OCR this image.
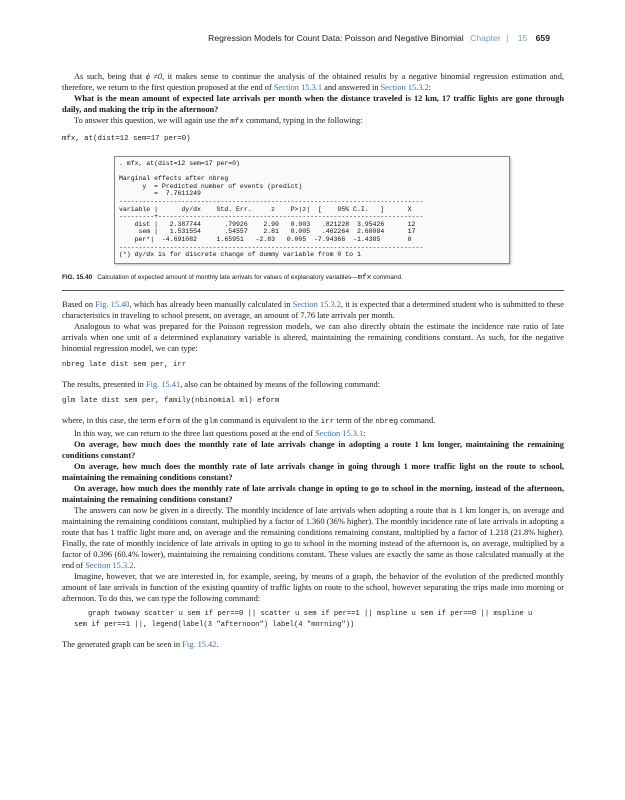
Regression Models for Count Data: Poisson and Negative Binomial Chapter | 15 659

As such, being that ϕ ≠0, it makes sense to continue the analysis of the obtained results by a negative binomial regression estimation and, therefore, we return to the first question proposed at the end of Section 15.3.1 and answered in Section 15.3.2:

What is the mean amount of expected late arrivals per month when the distance traveled is 12 km, 17 traffic lights are gone through daily, and making the trip in the afternoon?

To answer this question, we will again use the mfx command, typing in the following:

mfx, at(dist=12 sem=17 per=0)
. mfx, at(dist=12 sem=17 per=0)

Marginal effects after nbreg
y  = Predicted number of events (predict)
=  7.7611249
------------------------------------------------------------------------------
variable |      dy/dx    Std. Err.     z    P>|z|  [    95% C.I.   ]      X
---------+--------------------------------------------------------------------
dist |   2.387744      .79926    2.99   0.003   .821228  3.95426      12
sem |   1.531554      .54557    2.81   0.005   .462264  2.60084      17
per*|  -4.691082     1.65951   -2.83   0.005  -7.94366  -1.4385       0
------------------------------------------------------------------------------
(*) dy/dx is for discrete change of dummy variable from 0 to 1
FIG. 15.40 Calculation of expected amount of monthly late arrivals for values of explanatory variables—mfx command.

Based on Fig. 15.40, which has already been manually calculated in Section 15.3.2, it is expected that a determined student who is submitted to these characteristics in traveling to school present, on average, an amount of 7.76 late arrivals per month.

Analogous to what was prepared for the Poisson regression models, we can also directly obtain the estimate the incidence rate ratio of late arrivals when one unit of a determined explanatory variable is altered, maintaining the remaining conditions constant. As such, for the negative binomial regression model, we can type:

nbreg late dist sem per, irr

The results, presented in Fig. 15.41, also can be obtained by means of the following command:

glm late dist sem per, family(nbinomial ml) eform

where, in this case, the term eform of the glm command is equivalent to the irr term of the nbreg command.

In this way, we can return to the three last questions posed at the end of Section 15.3.1:

On average, how much does the monthly rate of late arrivals change in adopting a route 1 km longer, maintaining the remaining conditions constant?

On average, how much does the monthly rate of late arrivals change in going through 1 more traffic light on the route to school, maintaining the remaining conditions constant?

On average, how much does the monthly rate of late arrivals change in opting to go to school in the morning, instead of the afternoon, maintaining the remaining conditions constant?

The answers can now be given in a directly. The monthly incidence of late arrivals when adopting a route that is 1 km longer is, on average and maintaining the remaining conditions constant, multiplied by a factor of 1.360 (36% higher). The monthly incidence rate of late arrivals in adopting a route that has 1 traffic light more and, on average and the remaining conditions remaining constant, multiplied by a factor of 1.218 (21.8% higher). Finally, the rate of monthly incidence of late arrivals in opting to go to school in the morning instead of the afternoon is, on average, multiplied by a factor of 0.396 (60.4% lower), maintaining the remaining conditions constant. These values are exactly the same as those calculated manually at the end of Section 15.3.2.

Imagine, however, that we are interested in, for example, seeing, by means of a graph, the behavior of the evolution of the predicted monthly amount of late arrivals in function of the existing quantity of traffic lights on route to the school, however separating the trips made into morning or afternoon. To do this, we can type the following command:

graph twoway scatter u sem if per==0 || scatter u sem if per==1 || mspline u sem if per==0 || mspline u
sem if per==1 ||, legend(label(3 "afternoon") label(4 "morning"))

The generated graph can be seen in Fig. 15.42.
